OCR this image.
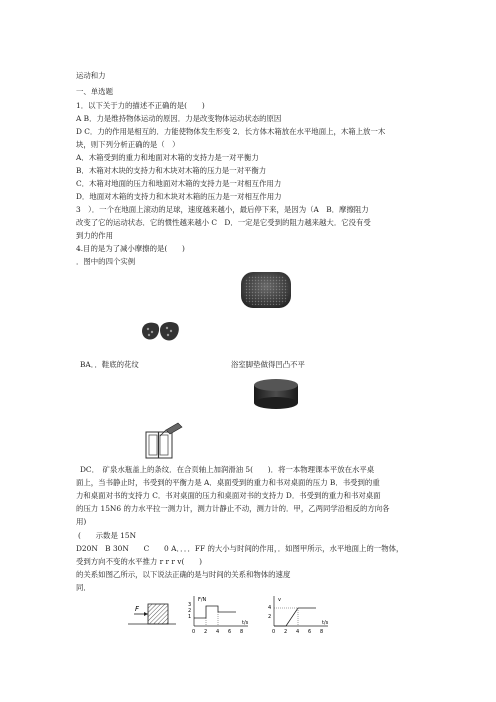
运动和力
一、单选题
1．以下关于力的描述不正确的是(　　)
A B．力是维持物体运动的原因．力是改变物体运动状态的原因
D C．力的作用是相互的．力能使物体发生形变 2．长方体木箱放在水平地面上，木箱上放一木
块，则下列分析正确的是（　）
A．木箱受到的重力和地面对木箱的支持力是一对平衡力
B．木箱对木块的支持力和木块对木箱的压力是一对平衡力
C．木箱对地面的压力和地面对木箱的支持力是一对相互作用力
D．地面对木箱的支持力和木块对木箱的压力是一对相互作用力
3　）．一个在地面上滚动的足球，速度越来越小，最后停下来，是因为（A　B．摩擦阻力
改变了它的运动状态．它的惯性越来越小 C　D．一定是它受到的阻力越来越大．它没有受
到力的作用
4.目的是为了减小摩擦的是(　　)
．图中的四个实例
BA．．鞋底的花纹	浴室脚垫做得凹凸不平
DC．　矿泉水瓶盖上的条纹．在合页轴上加润滑油 5(　　)．将一本物理课本平放在水平桌
面上，当书静止时，书受到的平衡力是 A．桌面受到的重力和书对桌面的压力 B．书受到的重
力和桌面对书的支持力 C．书对桌面的压力和桌面对书的支持力 D．书受到的重力和书对桌面
的压力 15N6 的力水平拉一测力计，测力计静止不动，测力计的．甲，乙两同学沿相反的方向各
用)
(　　示数是 15N
D20N　B 30N　　C　　0 A．．．．FF 的大小与时间的作用，．如图甲所示，水平地面上的一物体，
受到方向不变的水平推力 r r r v(　　)
的关系如图乙所示，以下说法正确的是与时间的关系和物体的速度
同．
F
F/N
t/s
3
2
1
0 2 4 6 8
v
t/s
4
2
0 2 4 6 8
